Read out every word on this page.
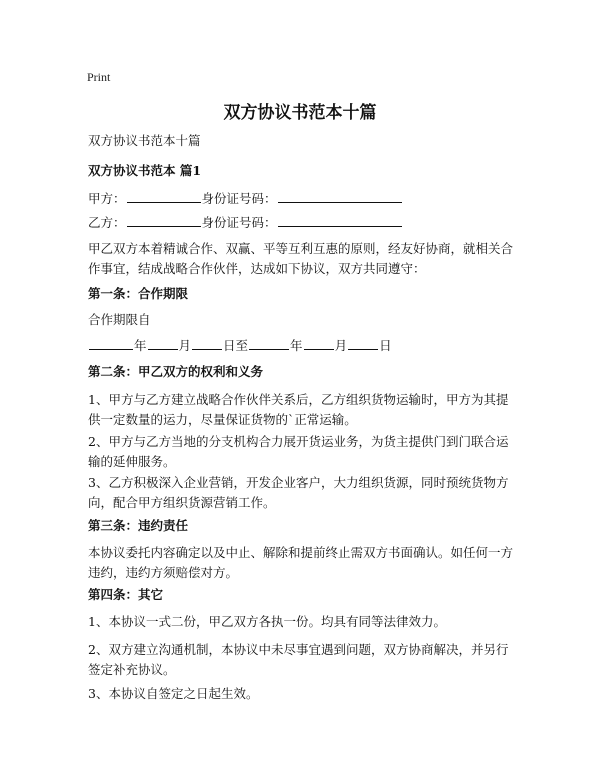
Print
双方协议书范本十篇
双方协议书范本十篇
双方协议书范本 篇1
甲方：	身份证号码：
乙方：	身份证号码：
甲乙双方本着精诚合作、双赢、平等互利互惠的原则，经友好协商，就相关合作事宜，结成战略合作伙伴，达成如下协议，双方共同遵守：
第一条：合作期限
合作期限自
年	月	日至	年	月	日
第二条：甲乙双方的权利和义务
1、甲方与乙方建立战略合作伙伴关系后，乙方组织货物运输时，甲方为其提供一定数量的运力，尽量保证货物的`正常运输。
2、甲方与乙方当地的分支机构合力展开货运业务，为货主提供门到门联合运输的延伸服务。
3、乙方积极深入企业营销，开发企业客户，大力组织货源，同时预统货物方向，配合甲方组织货源营销工作。
第三条：违约责任
本协议委托内容确定以及中止、解除和提前终止需双方书面确认。如任何一方违约，违约方须赔偿对方。
第四条：其它
1、本协议一式二份，甲乙双方各执一份。均具有同等法律效力。
2、双方建立沟通机制，本协议中未尽事宜遇到问题，双方协商解决，并另行签定补充协议。
3、本协议自签定之日起生效。
